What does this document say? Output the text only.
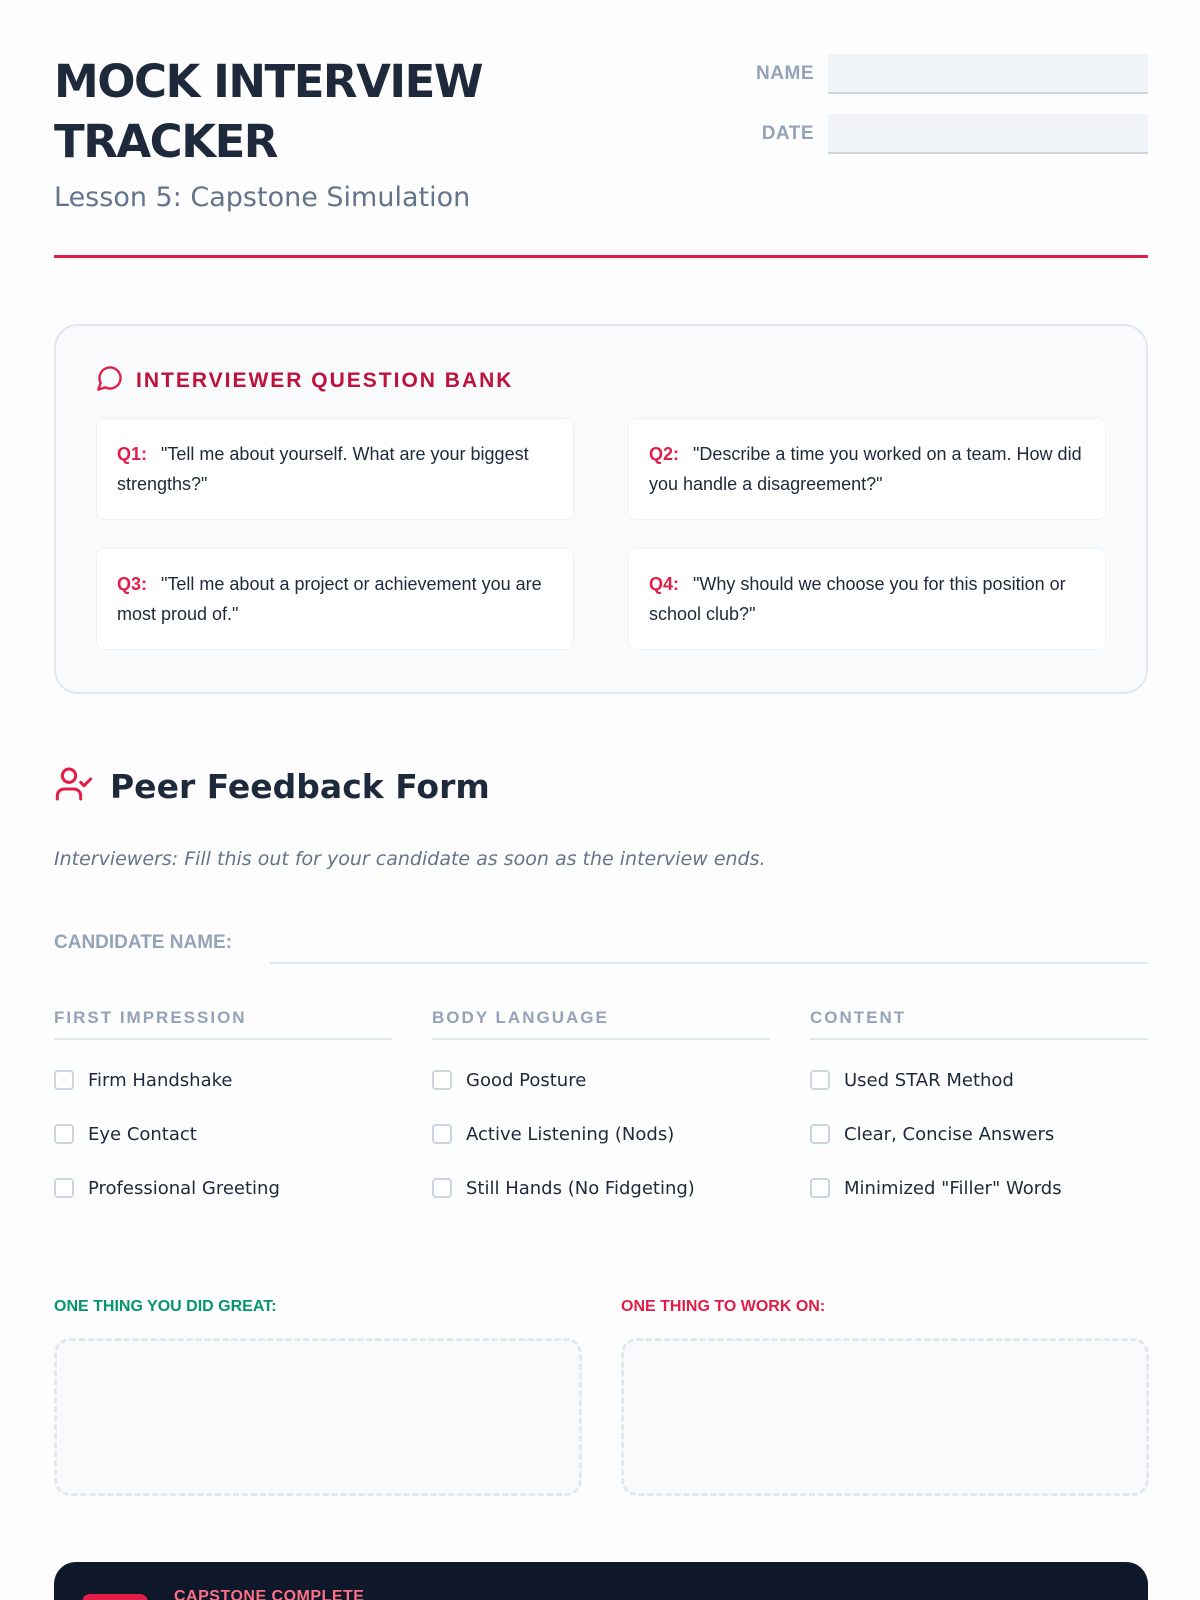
MOCK INTERVIEW TRACKER
Lesson 5: Capstone Simulation
NAME
DATE
INTERVIEWER QUESTION BANK
Q1: "Tell me about yourself. What are your biggest strengths?"
Q2: "Describe a time you worked on a team. How did you handle a disagreement?"
Q3: "Tell me about a project or achievement you are most proud of."
Q4: "Why should we choose you for this position or school club?"
Peer Feedback Form
Interviewers: Fill this out for your candidate as soon as the interview ends.
CANDIDATE NAME:
FIRST IMPRESSION
Firm Handshake
Eye Contact
Professional Greeting
BODY LANGUAGE
Good Posture
Active Listening (Nods)
Still Hands (No Fidgeting)
CONTENT
Used STAR Method
Clear, Concise Answers
Minimized "Filler" Words
ONE THING YOU DID GREAT:	ONE THING TO WORK ON:
CAPSTONE COMPLETE
